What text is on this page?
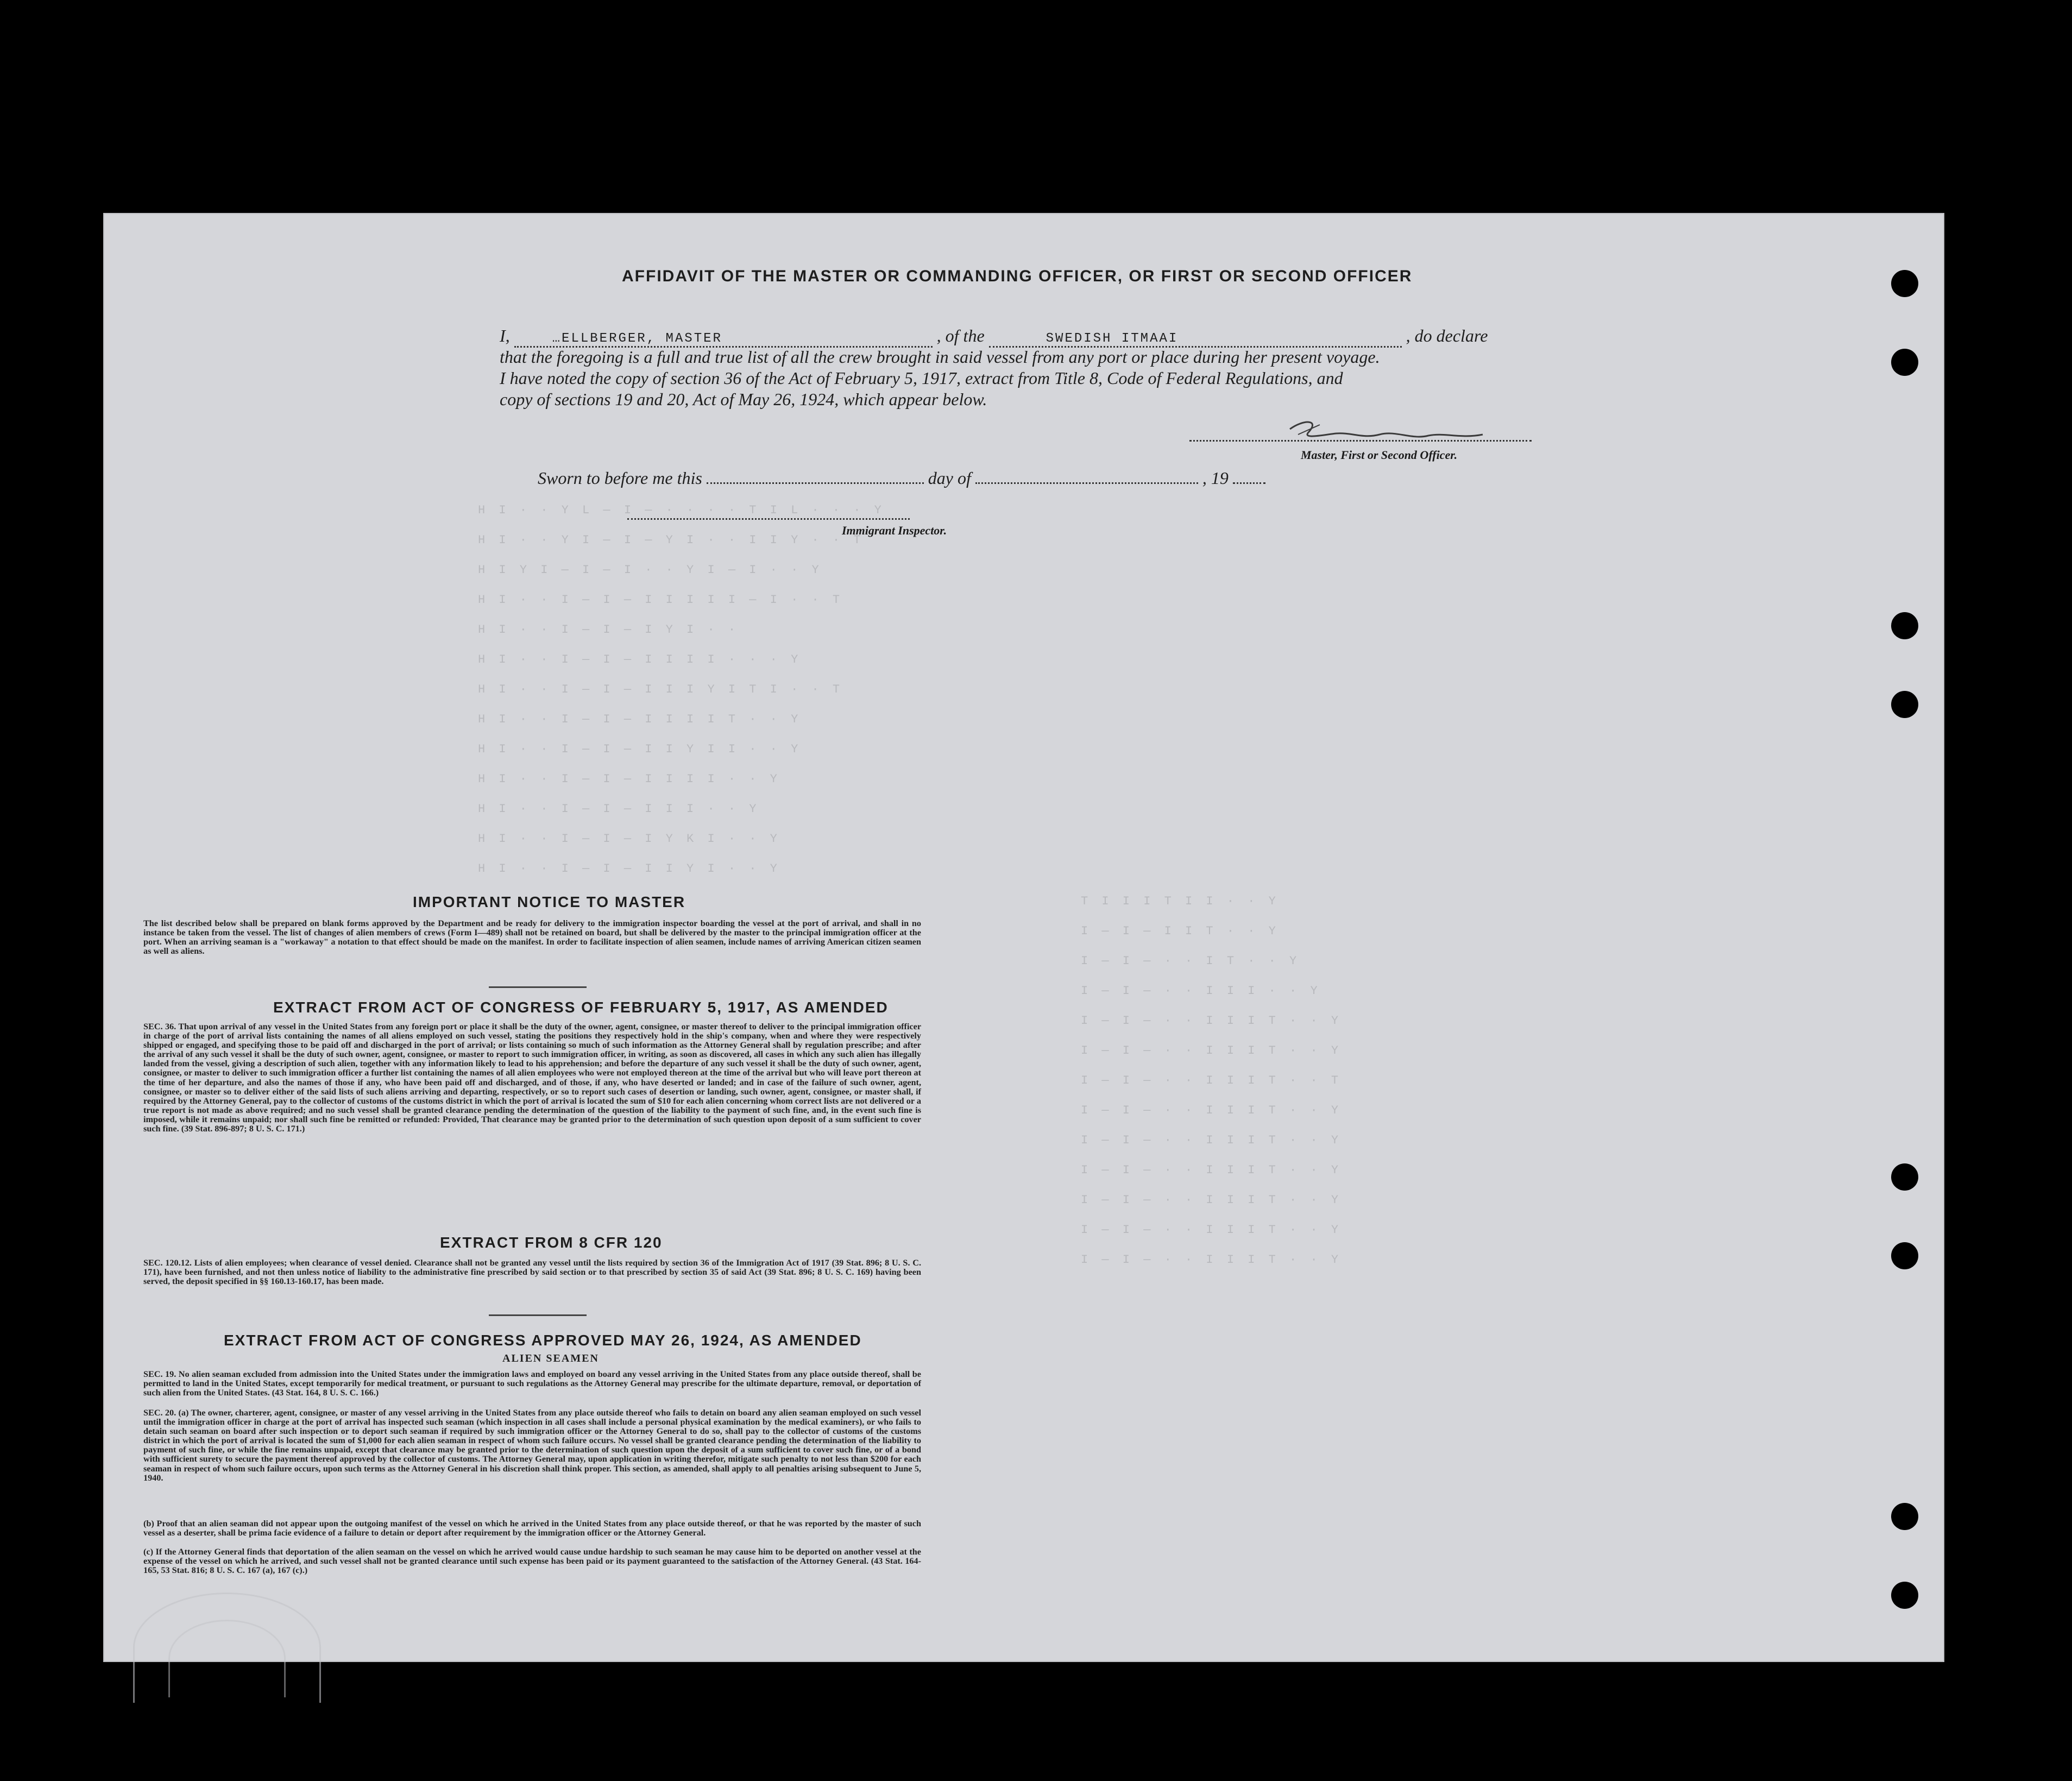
H I · · Y L — I — · · · · T I L · · · Y
H I · · Y I — I — Y I · · I I Y · · T
H I Y I — I — I · · Y I — I · · Y
H I · · I — I — I I I I I — I · · T
H I · · I — I — I Y I · ·
H I · · I — I — I I I I · · · Y
H I · · I — I — I I I Y I T I · · T
H I · · I — I — I I I I T · · Y
H I · · I — I — I I Y I I · · Y
H I · · I — I — I I I I · · Y
H I · · I — I — I I I · · Y
H I · · I — I — I Y K I · · Y
H I · · I — I — I I Y I · · Y
T I I I T I I · · Y
I — I — I I T · · Y
I — I — · · I T · · Y
I — I — · · I I I · · Y
I — I — · · I I I T · · Y
I — I — · · I I I T · · Y
I — I — · · I I I T · · T
I — I — · · I I I T · · Y
I — I — · · I I I T · · Y
I — I — · · I I I T · · Y
I — I — · · I I I T · · Y
I — I — · · I I I T · · Y
I — I — · · I I I T · · Y
AFFIDAVIT OF THE MASTER OR COMMANDING OFFICER, OR FIRST OR SECOND OFFICER
I,	…ELLBERGER, MASTER	, of the	SWEDISH ITMAAI	, do declare
that the foregoing is a full and true list of all the crew brought in said vessel from any port or place during her present voyage.
I have noted the copy of section 36 of the Act of February 5, 1917, extract from Title 8, Code of Federal Regulations, and
copy of sections 19 and 20, Act of May 26, 1924, which appear below.
Master, First or Second Officer.
Sworn to before me this	day of	, 19
Immigrant Inspector.
IMPORTANT NOTICE TO MASTER
The list described below shall be prepared on blank forms approved by the Department and be ready for delivery to the immigration inspector boarding the vessel at the port of arrival, and shall in no instance be taken from the vessel. The list of changes of alien members of crews (Form I—489) shall not be retained on board, but shall be delivered by the master to the principal immigration officer at the port. When an arriving seaman is a "workaway" a notation to that effect should be made on the manifest. In order to facilitate inspection of alien seamen, include names of arriving American citizen seamen as well as aliens.
EXTRACT FROM ACT OF CONGRESS OF FEBRUARY 5, 1917, AS AMENDED
SEC. 36. That upon arrival of any vessel in the United States from any foreign port or place it shall be the duty of the owner, agent, consignee, or master thereof to deliver to the principal immigration officer in charge of the port of arrival lists containing the names of all aliens employed on such vessel, stating the positions they respectively hold in the ship's company, when and where they were respectively shipped or engaged, and specifying those to be paid off and discharged in the port of arrival; or lists containing so much of such information as the Attorney General shall by regulation prescribe; and after the arrival of any such vessel it shall be the duty of such owner, agent, consignee, or master to report to such immigration officer, in writing, as soon as discovered, all cases in which any such alien has illegally landed from the vessel, giving a description of such alien, together with any information likely to lead to his apprehension; and before the departure of any such vessel it shall be the duty of such owner, agent, consignee, or master to deliver to such immigration officer a further list containing the names of all alien employees who were not employed thereon at the time of the arrival but who will leave port thereon at the time of her departure, and also the names of those if any, who have been paid off and discharged, and of those, if any, who have deserted or landed; and in case of the failure of such owner, agent, consignee, or master so to deliver either of the said lists of such aliens arriving and departing, respectively, or so to report such cases of desertion or landing, such owner, agent, consignee, or master shall, if required by the Attorney General, pay to the collector of customs of the customs district in which the port of arrival is located the sum of $10 for each alien concerning whom correct lists are not delivered or a true report is not made as above required; and no such vessel shall be granted clearance pending the determination of the question of the liability to the payment of such fine, and, in the event such fine is imposed, while it remains unpaid; nor shall such fine be remitted or refunded: Provided, That clearance may be granted prior to the determination of such question upon deposit of a sum sufficient to cover such fine. (39 Stat. 896-897; 8 U. S. C. 171.)
EXTRACT FROM 8 CFR 120
SEC. 120.12. Lists of alien employees; when clearance of vessel denied. Clearance shall not be granted any vessel until the lists required by section 36 of the Immigration Act of 1917 (39 Stat. 896; 8 U. S. C. 171), have been furnished, and not then unless notice of liability to the administrative fine prescribed by said section or to that prescribed by section 35 of said Act (39 Stat. 896; 8 U. S. C. 169) having been served, the deposit specified in §§ 160.13-160.17, has been made.
EXTRACT FROM ACT OF CONGRESS APPROVED MAY 26, 1924, AS AMENDED
ALIEN SEAMEN
SEC. 19. No alien seaman excluded from admission into the United States under the immigration laws and employed on board any vessel arriving in the United States from any place outside thereof, shall be permitted to land in the United States, except temporarily for medical treatment, or pursuant to such regulations as the Attorney General may prescribe for the ultimate departure, removal, or deportation of such alien from the United States. (43 Stat. 164, 8 U. S. C. 166.)
SEC. 20. (a) The owner, charterer, agent, consignee, or master of any vessel arriving in the United States from any place outside thereof who fails to detain on board any alien seaman employed on such vessel until the immigration officer in charge at the port of arrival has inspected such seaman (which inspection in all cases shall include a personal physical examination by the medical examiners), or who fails to detain such seaman on board after such inspection or to deport such seaman if required by such immigration officer or the Attorney General to do so, shall pay to the collector of customs of the customs district in which the port of arrival is located the sum of $1,000 for each alien seaman in respect of whom such failure occurs. No vessel shall be granted clearance pending the determination of the liability to payment of such fine, or while the fine remains unpaid, except that clearance may be granted prior to the determination of such question upon the deposit of a sum sufficient to cover such fine, or of a bond with sufficient surety to secure the payment thereof approved by the collector of customs. The Attorney General may, upon application in writing therefor, mitigate such penalty to not less than $200 for each seaman in respect of whom such failure occurs, upon such terms as the Attorney General in his discretion shall think proper. This section, as amended, shall apply to all penalties arising subsequent to June 5, 1940.
(b) Proof that an alien seaman did not appear upon the outgoing manifest of the vessel on which he arrived in the United States from any place outside thereof, or that he was reported by the master of such vessel as a deserter, shall be prima facie evidence of a failure to detain or deport after requirement by the immigration officer or the Attorney General.
(c) If the Attorney General finds that deportation of the alien seaman on the vessel on which he arrived would cause undue hardship to such seaman he may cause him to be deported on another vessel at the expense of the vessel on which he arrived, and such vessel shall not be granted clearance until such expense has been paid or its payment guaranteed to the satisfaction of the Attorney General. (43 Stat. 164-165, 53 Stat. 816; 8 U. S. C. 167 (a), 167 (c).)
